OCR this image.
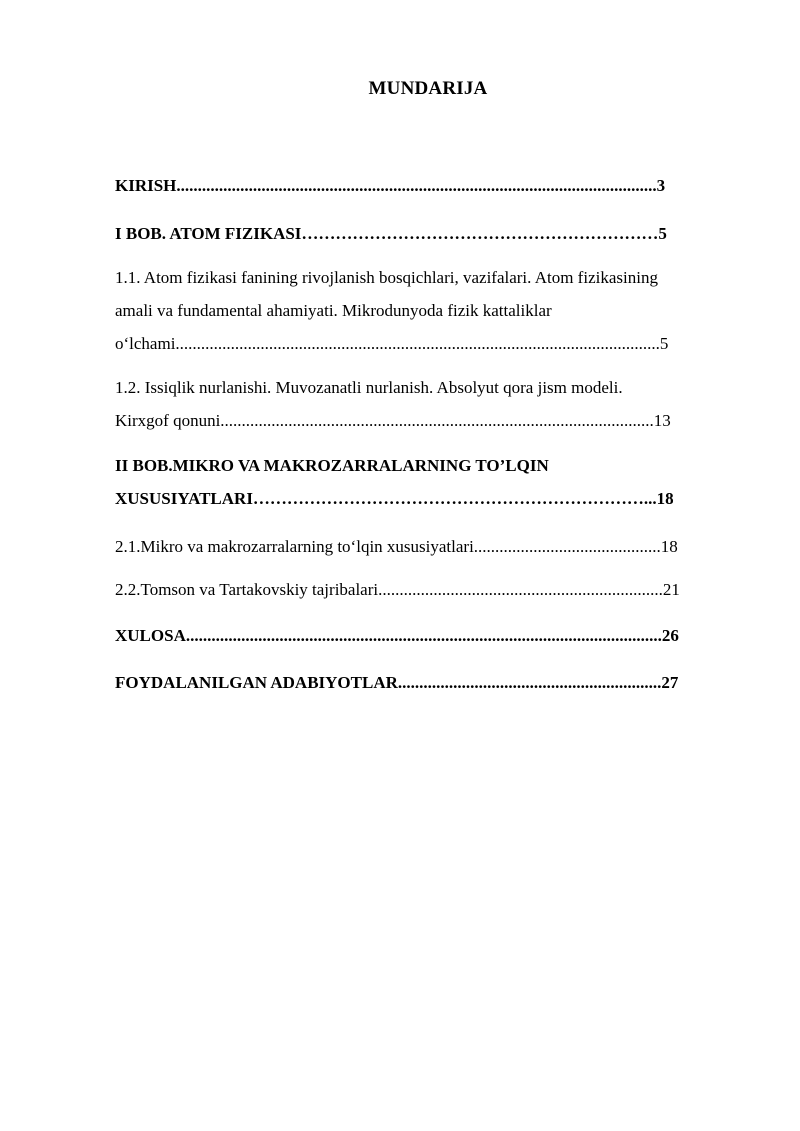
MUNDARIJA
KIRISH.................................................................................................................3
I BOB. ATOM FIZIKASI………………………………………………………5
1.1. Atom fizikasi fanining rivojlanish bosqichlari, vazifalari. Atom fizikasining
amali va fundamental ahamiyati. Mikrodunyoda fizik kattaliklar
o‘lchami..................................................................................................................5
1.2. Issiqlik nurlanishi. Muvozanatli nurlanish. Absolyut qora jism modeli.
Kirxgof qonuni......................................................................................................13
II BOB.MIKRO VA MAKROZARRALARNING TO’LQIN
XUSUSIYATLARI……………………………………………………………...18
2.1.Mikro va makrozarralarning to‘lqin xususiyatlari............................................18
2.2.Tomson va Tartakovskiy tajribalari...................................................................21
XULOSA................................................................................................................26
FOYDALANILGAN ADABIYOTLAR..............................................................27
